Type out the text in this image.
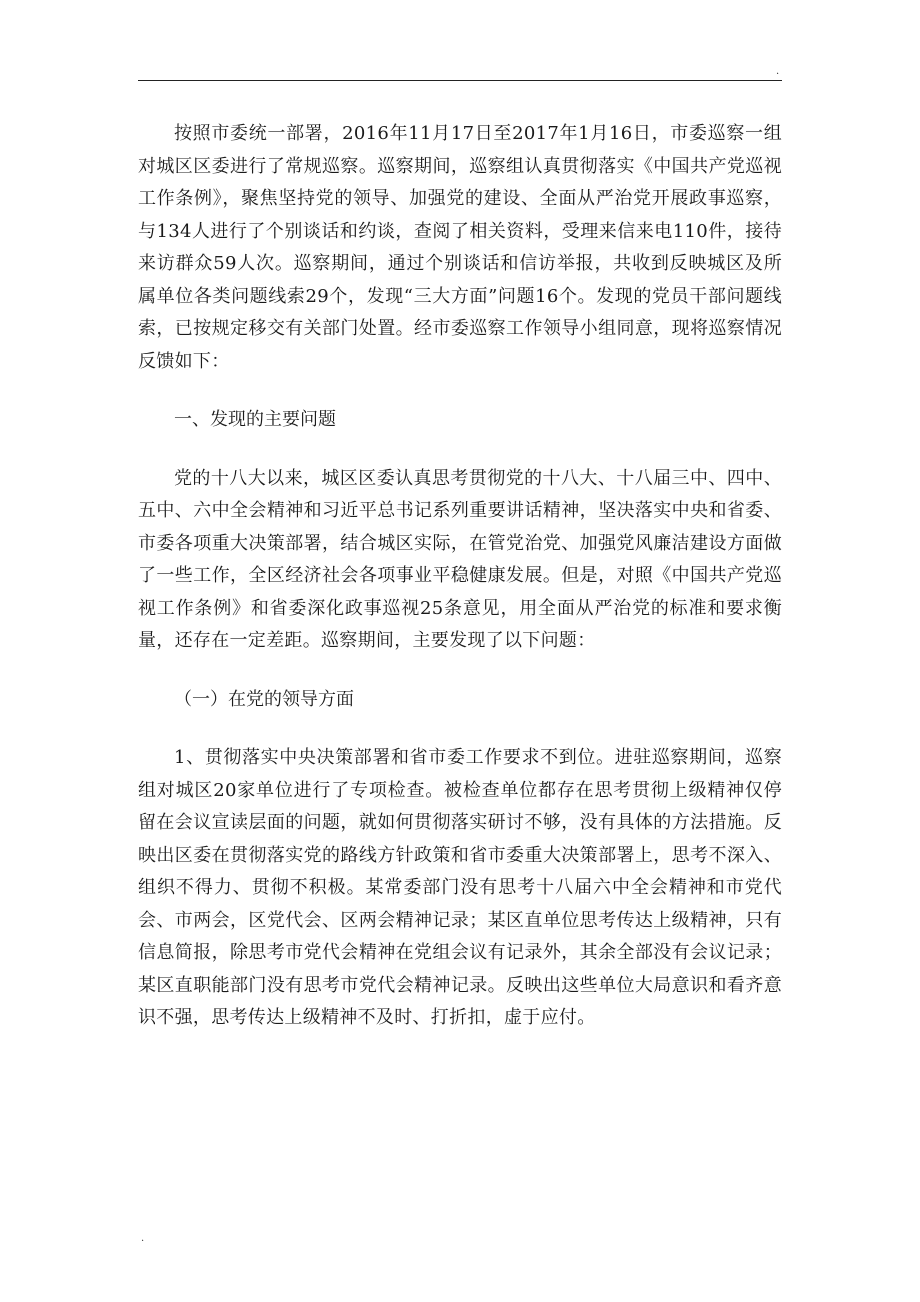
.

按照市委统一部署，2016年11月17日至2017年1月16日，市委巡察一组对城区区委进行了常规巡察。巡察期间，巡察组认真贯彻落实《中国共产党巡视工作条例》，聚焦坚持党的领导、加强党的建设、全面从严治党开展政事巡察，与134人进行了个别谈话和约谈，查阅了相关资料，受理来信来电110件，接待来访群众59人次。巡察期间，通过个别谈话和信访举报，共收到反映城区及所属单位各类问题线索29个，发现“三大方面”问题16个。发现的党员干部问题线索，已按规定移交有关部门处置。经市委巡察工作领导小组同意，现将巡察情况反馈如下：

一、发现的主要问题

党的十八大以来，城区区委认真思考贯彻党的十八大、十八届三中、四中、五中、六中全会精神和习近平总书记系列重要讲话精神，坚决落实中央和省委、市委各项重大决策部署，结合城区实际，在管党治党、加强党风廉洁建设方面做了一些工作，全区经济社会各项事业平稳健康发展。但是，对照《中国共产党巡视工作条例》和省委深化政事巡视25条意见，用全面从严治党的标准和要求衡量，还存在一定差距。巡察期间，主要发现了以下问题：

（一）在党的领导方面

1、贯彻落实中央决策部署和省市委工作要求不到位。进驻巡察期间，巡察组对城区20家单位进行了专项检查。被检查单位都存在思考贯彻上级精神仅停留在会议宣读层面的问题，就如何贯彻落实研讨不够，没有具体的方法措施。反映出区委在贯彻落实党的路线方针政策和省市委重大决策部署上，思考不深入、组织不得力、贯彻不积极。某常委部门没有思考十八届六中全会精神和市党代会、市两会，区党代会、区两会精神记录；某区直单位思考传达上级精神，只有信息简报，除思考市党代会精神在党组会议有记录外，其余全部没有会议记录；某区直职能部门没有思考市党代会精神记录。反映出这些单位大局意识和看齐意识不强，思考传达上级精神不及时、打折扣，虚于应付。

.
